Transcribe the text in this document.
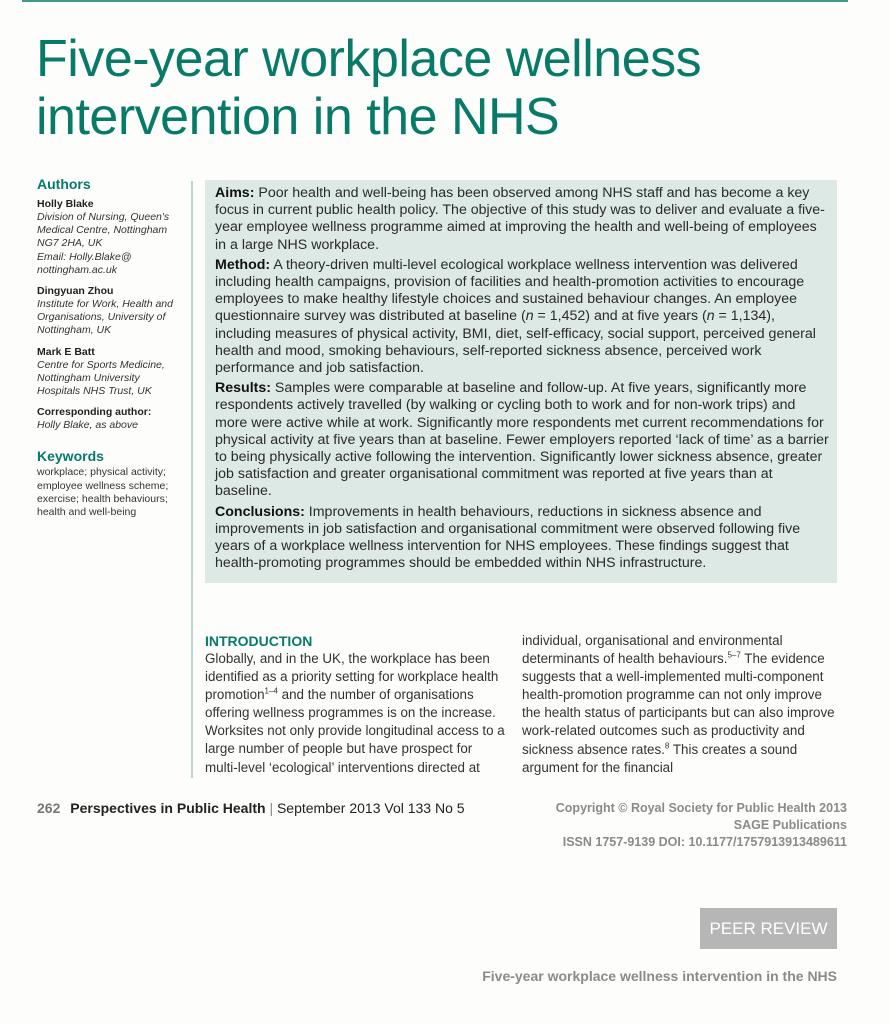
Five-year workplace wellness
intervention in the NHS
Authors
Holly Blake
Division of Nursing, Queen's Medical Centre, Nottingham NG7 2HA, UK
Email: Holly.Blake@ nottingham.ac.uk
Dingyuan Zhou
Institute for Work, Health and Organisations, University of Nottingham, UK
Mark E Batt
Centre for Sports Medicine, Nottingham University Hospitals NHS Trust, UK
Corresponding author:
Holly Blake, as above
Keywords
workplace; physical activity; employee wellness scheme; exercise; health behaviours; health and well-being

Aims: Poor health and well-being has been observed among NHS staff and has become a key focus in current public health policy. The objective of this study was to deliver and evaluate a five-year employee wellness programme aimed at improving the health and well-being of employees in a large NHS workplace.

Method: A theory-driven multi-level ecological workplace wellness intervention was delivered including health campaigns, provision of facilities and health-promotion activities to encourage employees to make healthy lifestyle choices and sustained behaviour changes. An employee questionnaire survey was distributed at baseline (n = 1,452) and at five years (n = 1,134), including measures of physical activity, BMI, diet, self-efficacy, social support, perceived general health and mood, smoking behaviours, self-reported sickness absence, perceived work performance and job satisfaction.

Results: Samples were comparable at baseline and follow-up. At five years, significantly more respondents actively travelled (by walking or cycling both to work and for non-work trips) and more were active while at work. Significantly more respondents met current recommendations for physical activity at five years than at baseline. Fewer employers reported ‘lack of time’ as a barrier to being physically active following the intervention. Significantly lower sickness absence, greater job satisfaction and greater organisational commitment was reported at five years than at baseline.

Conclusions: Improvements in health behaviours, reductions in sickness absence and improvements in job satisfaction and organisational commitment were observed following five years of a workplace wellness intervention for NHS employees. These findings suggest that health-promoting programmes should be embedded within NHS infrastructure.

INTRODUCTION

Globally, and in the UK, the workplace has been identified as a priority setting for workplace health promotion$^{1-4}$ and the number of organisations offering wellness programmes is on the increase. Worksites not only provide longitudinal access to a large number of people but have prospect for multi-level ‘ecological’ interventions directed at

individual, organisational and environmental determinants of health behaviours.$^{5-7}$ The evidence suggests that a well-implemented multi-component health-promotion programme can not only improve the health status of participants but can also improve work-related outcomes such as productivity and sickness absence rates.$^8$ This creates a sound argument for the financial

262 Perspectives in Public Health | September 2013 Vol 133 No 5	Copyright © Royal Society for Public Health 2013
SAGE Publications
ISSN 1757-9139 DOI: 10.1177/1757913913489611
PEER REVIEW
Five-year workplace wellness intervention in the NHS
